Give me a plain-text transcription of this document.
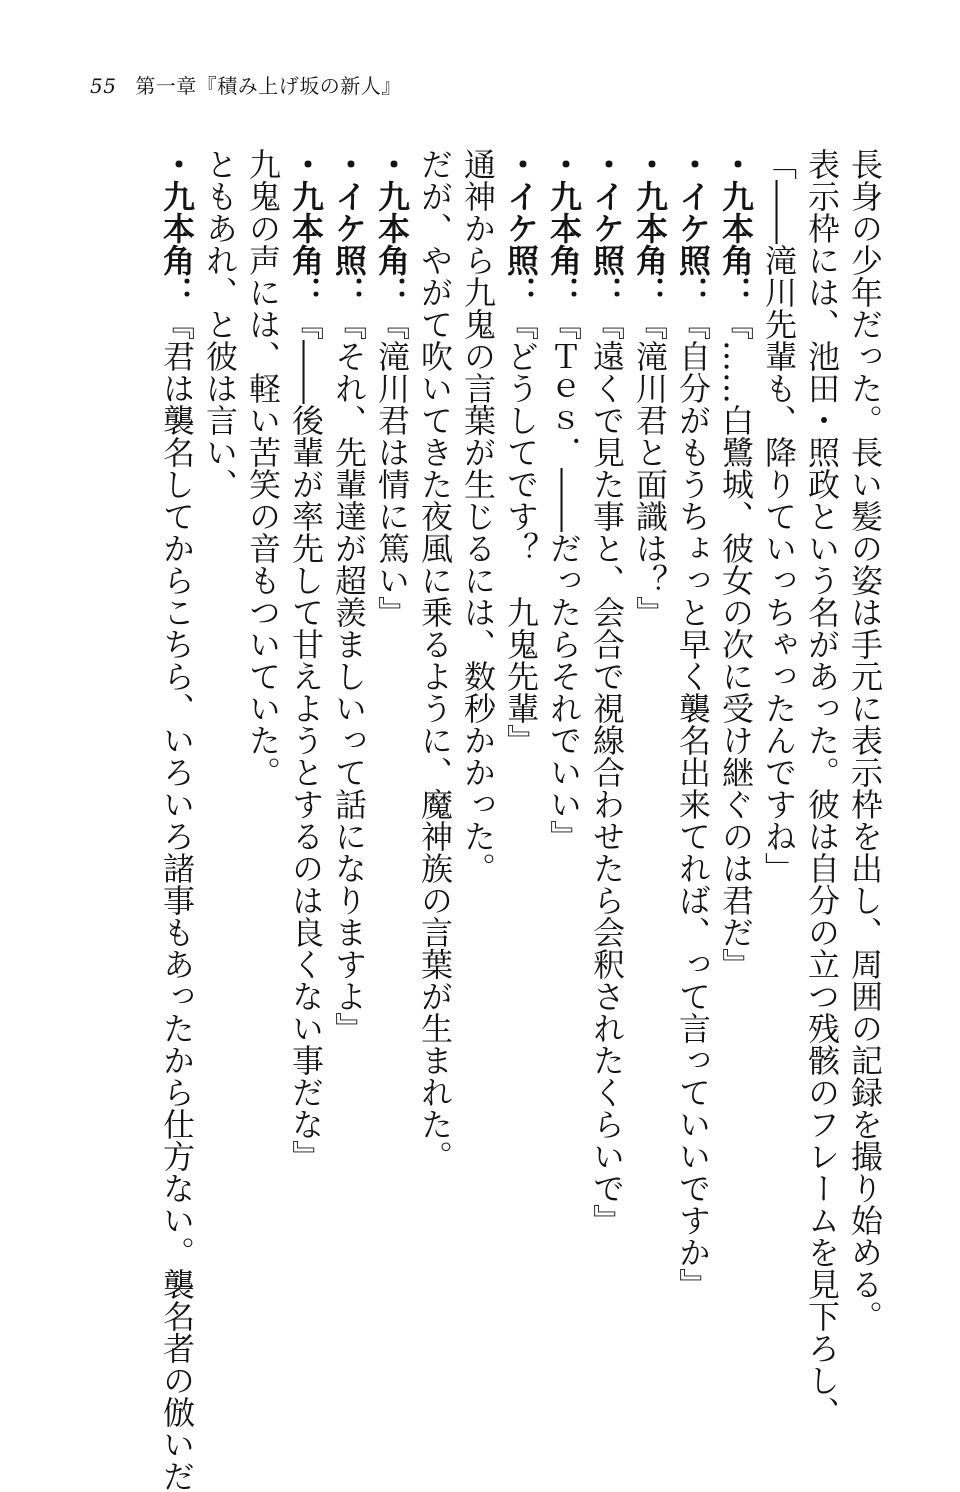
55 第一章『積み上げ坂の新人』
長身の少年だった。長い髪の姿は手元に表示枠を出し、周囲の記録を撮り始める。
表示枠には、池田・照政という名があった。彼は自分の立つ残骸のフレームを見下ろし、
「――滝川先輩も、降りていっちゃったんですね」
・九本角：『……白鷺城、彼女の次に受け継ぐのは君だ』
・イケ照：『自分がもうちょっと早く襲名出来てれば、って言っていいですか』
・九本角：『滝川君と面識は？』
・イケ照：『遠くで見た事と、会合で視線合わせたら会釈されたくらいで』
・九本角：『Ｔｅｓ．――だったらそれでいい』
・イケ照：『どうしてです？　九鬼先輩』
通神から九鬼の言葉が生じるには、数秒かかった。
だが、やがて吹いてきた夜風に乗るように、魔神族の言葉が生まれた。
・九本角：『滝川君は情に篤い』
・イケ照：『それ、先輩達が超羨ましいって話になりますよ』
・九本角：『――後輩が率先して甘えようとするのは良くない事だな』
九鬼の声には、軽い苦笑の音もついていた。
ともあれ、と彼は言い、
・九本角：『君は襲名してからこちら、いろいろ諸事もあったから仕方ない。襲名者の倣いだ
